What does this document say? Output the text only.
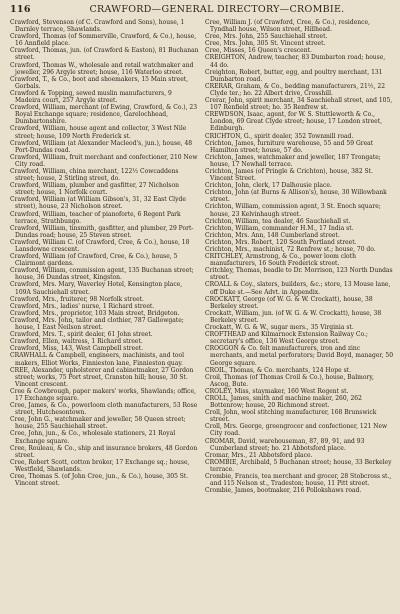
116	CRAWFORD—GENERAL DIRECTORY—CROMBIE.
Crawford, Stevenson (of C. Crawford and Sons), house, 1 Darnley terrace, Shawlands.
Crawford, Thomas (of Sommerville, Crawford, & Co.), house, 16 Annfield place.
Crawford, Thomas, jun. (of Crawford & Easton), 81 Buchanan street.
Crawford, Thomas W., wholesale and retail watchmaker and jeweller, 296 Argyle street; house, 116 Waterloo street.
Crawford, T., & Co., boot and shoemakers, 15 Main street, Gorbals.
Crawford & Topping, sewed muslin manufacturers, 9 Madeira court, 257 Argyle street.
Crawford, William, merchant (of Ewing, Crawford, & Co.), 23 Royal Exchange square; residence, Garelochhead, Dumbartonshire.
Crawford, William, house agent and collector, 3 West Nile street; house, 109 North Frederick st.
Crawford, William (at Alexander Macleod's, jun.), house, 48 Port-Dundas road.
Crawford, William, fruit merchant and confectioner, 210 New City road.
Crawford, William, china merchant, 122½ Cowcaddens street; house, 2 Stirling street, do.
Crawford, William, plumber and gasfitter, 27 Nicholson street; house, 1 Norfolk court.
Crawford, William (at William Gibson's, 31, 32 East Clyde street), house, 23 Nicholson street.
Crawford, William, teacher of pianoforte, 6 Regent Park terrace, Strathbungo.
Crawford, William, tinsmith, gasfitter, and plumber, 29 Port-Dundas road; house, 25 Steven street.
Crawford, William C. (of Crawford, Cree, & Co.), house, 18 Lansdowne crescent.
Crawford, William (of Crawford, Cree, & Co.), house, 5 Clairmont gardens.
Crawford, William, commission agent, 135 Buchanan street; house, 36 Dundas street, Kingston.
Crawford, Mrs. Mary, Waverley Hotel, Kensington place, 109A Sauchiehall street.
Crawford, Mrs., fruiterer, 98 Norfolk street.
Crawford, Mrs., ladies' nurse, 1 Richard street.
Crawford, Mrs., proprietor, 103 Main street, Bridgeton.
Crawford, Mrs. John, tailor and clothier, 787 Gallowgate; house, 1 East Neilson street.
Crawford, Mrs. T., spirit dealer, 61 John street.
Crawford, Ellen, waitress, 1 Richard street.
Crawford, Miss, 143, West Campbell street.
CRAWHALL & Campbell, engineers, machinists, and tool makers, Elliot Works, Finnieston lane, Finnieston quay.
CREE, Alexander, upholsterer and cabinetmaker, 27 Gordon street; works, 75 Port street, Cranston hill; house, 30 St. Vincent crescent.
Cree & Cowbrough, paper makers' works, Shawlands; office, 17 Exchange square.
Cree, James, & Co., powerloom cloth manufacturers, 53 Rose street, Hutchesontown.
Cree, John G., watchmaker and jeweller, 58 Queen street; house, 255 Sauchiehall street.
Cree, John, jun., & Co., wholesale stationers, 21 Royal Exchange square.
Cree, Rouleau, & Co., ship and insurance brokers, 48 Gordon street.
Cree, Robert Scott, cotton broker, 17 Exchange sq.; house, Westfield, Shawlands.
Cree, Thomas S. (of John Cree, jun., & Co.), house, 305 St. Vincent street.
Cree, William J. (of Crawford, Cree, & Co.), residence, Tyndhall house, Wilson street, Hillhead.
Cree, Mrs. John, 255 Sauchiehall street.
Cree, Mrs. John, 305 St. Vincent street.
Cree, Misses, 16 Queen's crescent.
CREIGHTON, Andrew, teacher, 83 Dumbarton road; house, 44 do.
Creighton, Robert, butter, egg, and poultry merchant, 131 Dumbarton road.
CRERAR, Graham, & Co., bedding manufacturers, 21½, 22 Clyde ter.; ho. 22 Albert drive, Crosshill.
Crerar, John, spirit merchant, 34 Sauchiehall street, and 105, 107 Renfield street; ho. 35 Renfrew st.
CREWDSON, Isaac, agent, for W. S. Stuttleworth & Co., London, 69 Great Clyde street; house, 17 London street, Edinburgh.
CRICHTON, G., spirit dealer, 352 Townmill road.
Crichton, James, furniture warehouse, 55 and 59 Great Hamilton street; house, 57 do.
Crichton, James, watchmaker and jeweller, 187 Trongate; house, 17 Newhall terrace.
Crichton, James (of Pringle & Crichton), house, 382 St. Vincent Street.
Crichton, John, clerk, 17 Dalhousie place.
Crichton, John (at Burns & Allison's), house, 30 Willowbank street.
Crichton, William, commission agent, 3 St. Enoch square; house, 23 Kelvinhaugh street.
Crichton, William, tea dealer, 46 Sauchiehall st.
Crichton, William, commander H.M., 17 India st.
Crichton, Mrs. Ann, 148 Cumberland street.
Crichton, Mrs. Robert, 120 South Portland street.
Crichton, Mrs., machinist, 72 Renfrew st.; house, 70 do.
CRITCHLEY, Armstrong, & Co., power loom cloth manufacturers, 16 South Frederick street.
Critchley, Thomas, beadle to Dr. Morrison, 123 North Dundas street.
CROALL & Coy., slaters, builders, &c.; store, 13 Mouse lane, off Duke st.—See Advt. in Appendix.
CROCKATT, George (of W. G. & W. Crockatt), house, 38 Berkeley street.
Crockatt, William, jun. (of W. G. & W. Crockatt), house, 38 Berkeley street.
Crockatt, W. G. & W., sugar mers., 35 Virginia st.
CROFTHEAD and Kilmarnock Extension Railway Co.; secretary's office, 136 West George street.
CROGGON & Co. felt manufacturers, iron and zinc merchants, and metal perforators; David Boyd, manager, 50 George square.
CROIL, Thomas, & Co. merchants, 124 Hope st.
Croil, Thomas (of Thomas Croil & Co.), house, Balmory, Ascog, Bute.
CROLEY, Miss, staymaker, 160 West Regent st.
CROLL, James, smith and machine maker, 260, 262 Bottenrow; house, 20 Richmond street.
Croll, John, wool stitching manufacturer, 168 Brunswick street.
Croll, Mrs. George, greengrocer and confectioner, 121 New City road.
CROMAR, David, warehouseman, 87, 89, 91, and 93 Cumberland street; ho. 21 Abbotsford place.
Cromar, Mrs., 21 Abbotsford place.
CROMBIE, Archibald, 5 Buchanan street; house, 33 Berkeley terrace.
Crombie, Francis, tea merchant and grocer, 28 Stobcross st., and 115 Nelson st., Tradeston; house, 11 Pitt street.
Crombie, James, bootmaker, 216 Pollokshaws road.
